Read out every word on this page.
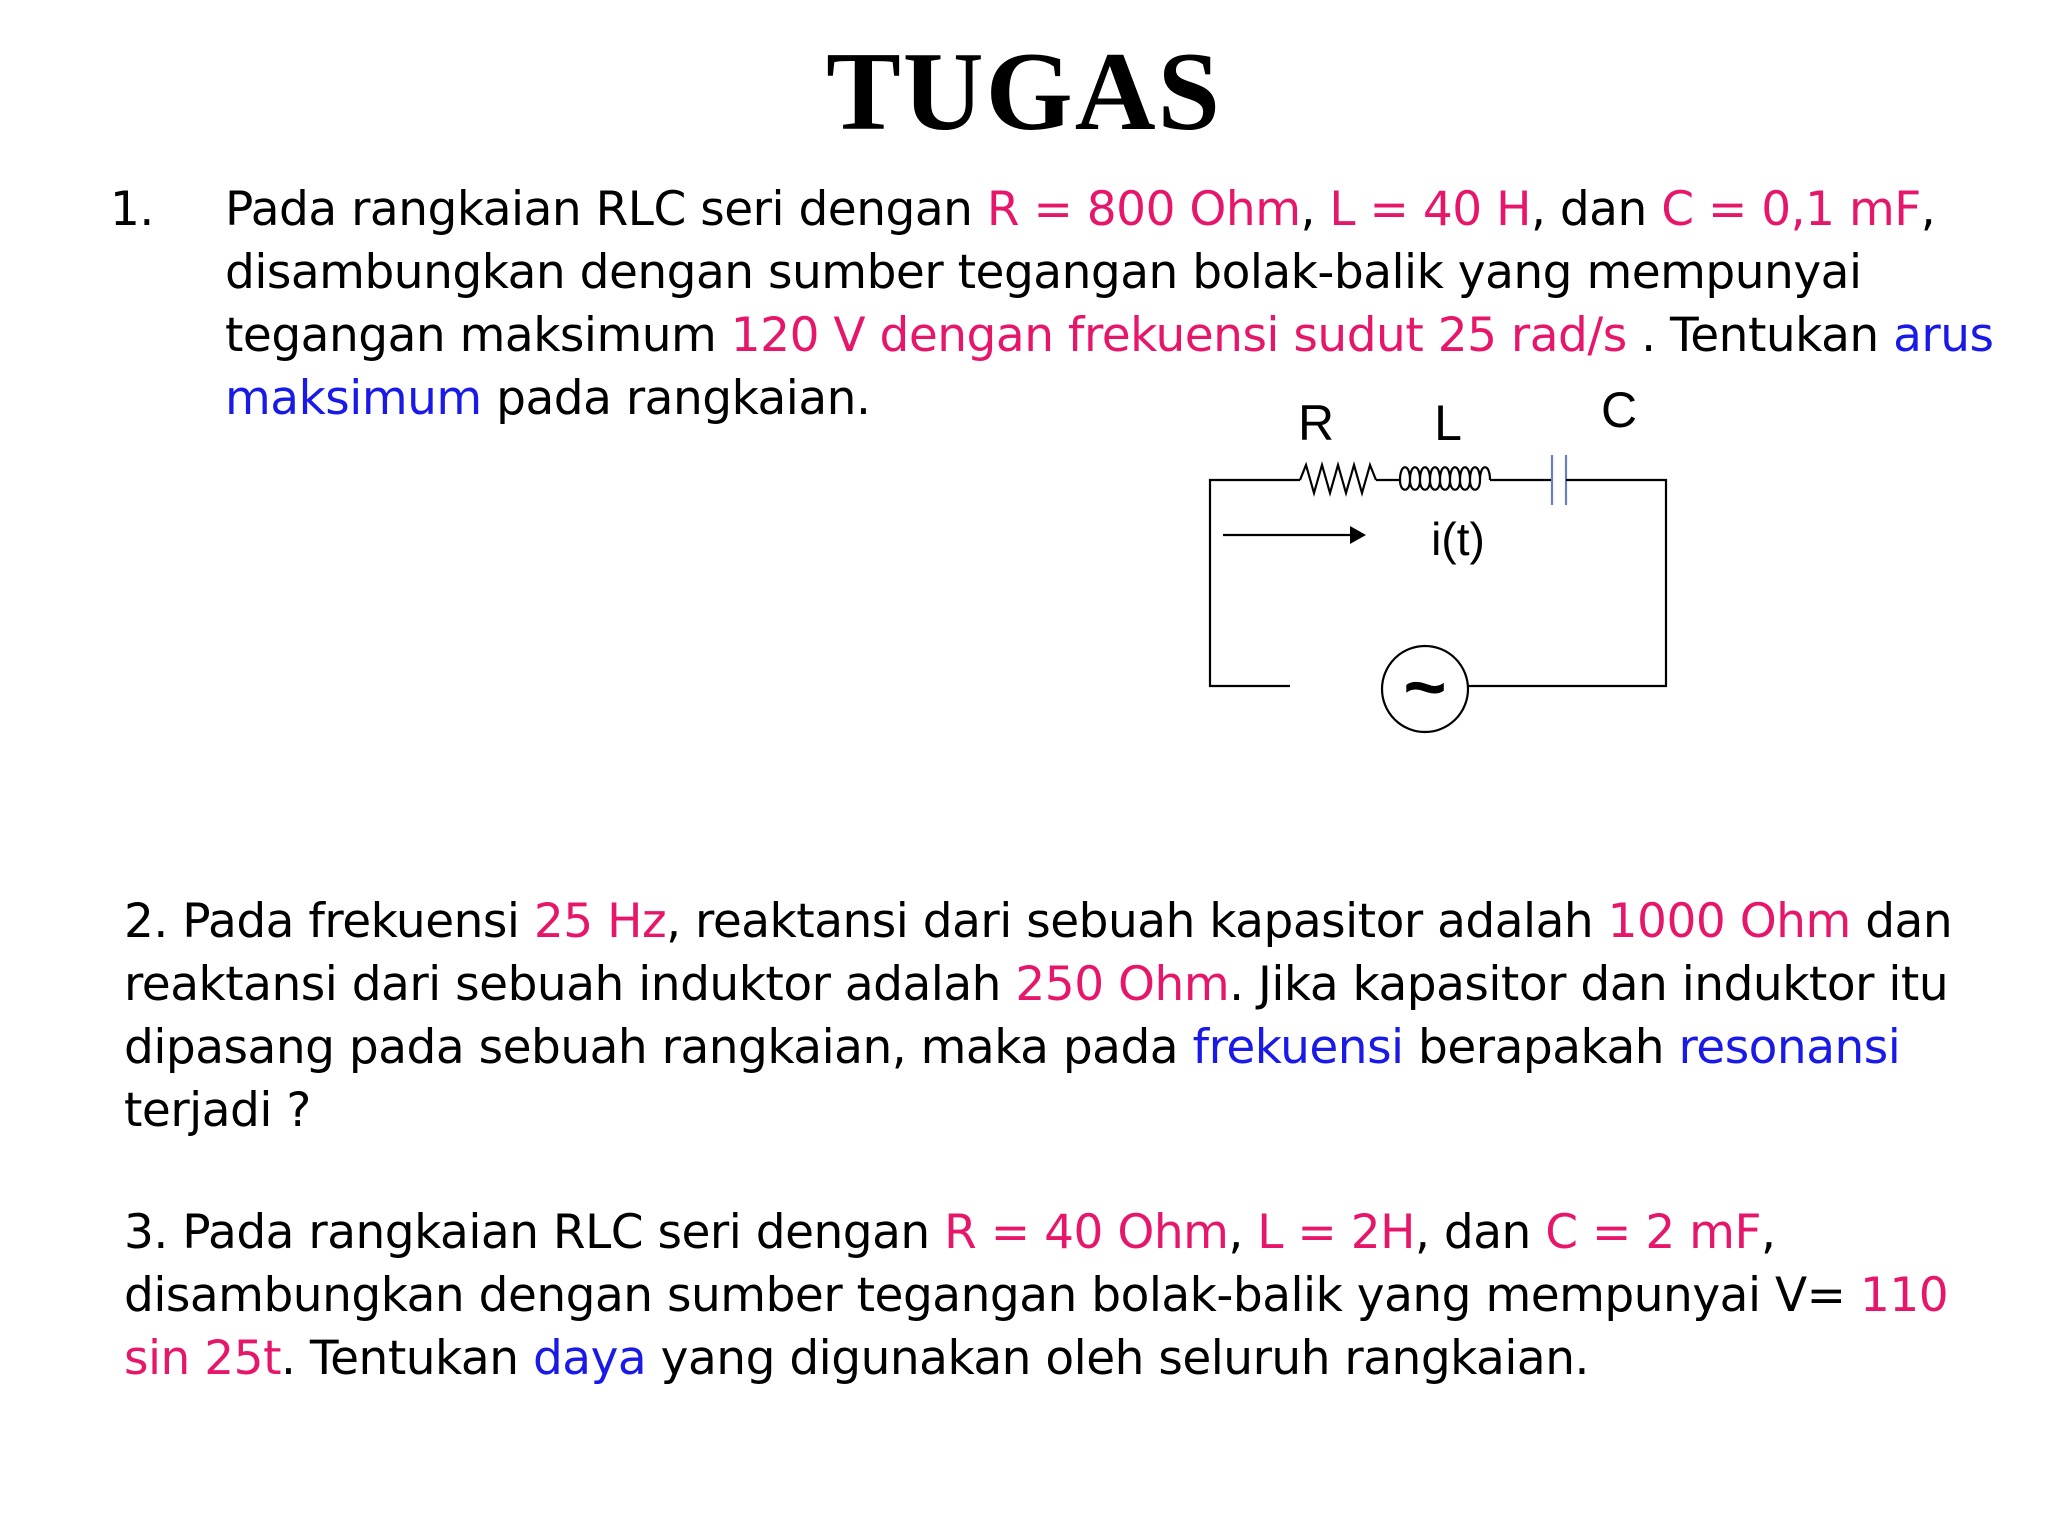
TUGAS
1. Pada rangkaian RLC seri dengan R = 800 Ohm, L = 40 H, dan C = 0,1 mF, disambungkan dengan sumber tegangan bolak-balik yang mempunyai tegangan maksimum 120 V dengan frekuensi sudut 25 rad/s . Tentukan arus maksimum pada rangkaian.	R L	C
i(t)
~
2. Pada frekuensi 25 Hz, reaktansi dari sebuah kapasitor adalah 1000 Ohm dan reaktansi dari sebuah induktor adalah 250 Ohm. Jika kapasitor dan induktor itu dipasang pada sebuah rangkaian, maka pada frekuensi berapakah resonansi terjadi ?
3. Pada rangkaian RLC seri dengan R = 40 Ohm, L = 2H, dan C = 2 mF, disambungkan dengan sumber tegangan bolak-balik yang mempunyai V= 110 sin 25t. Tentukan daya yang digunakan oleh seluruh rangkaian.
